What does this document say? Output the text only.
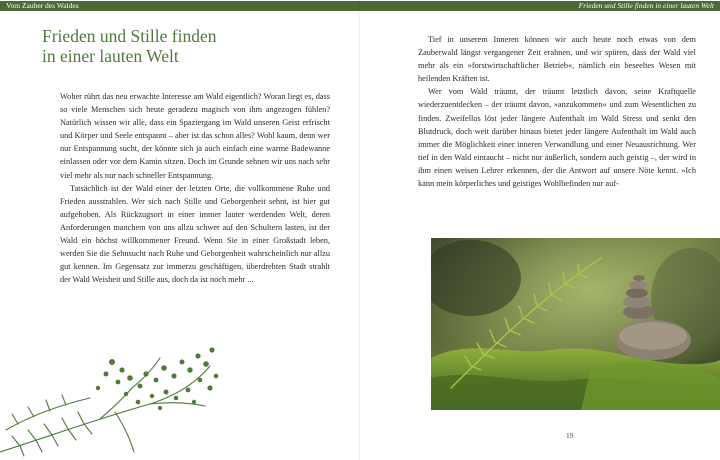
Vom Zauber des Waldes
Frieden und Stille finden
in einer lauten Welt

Woher rührt das neu erwachte Interesse am Wald eigentlich? Woran liegt es, dass so viele Menschen sich heute geradezu magisch von ihm angezogen fühlen? Natürlich wissen wir alle, dass ein Spaziergang im Wald unseren Geist erfrischt und Körper und Seele entspannt – aber ist das schon alles? Wohl kaum, denn wer nur Entspannung sucht, der könnte sich ja auch einfach eine warme Badewanne einlassen oder vor dem Kamin sitzen. Doch im Grunde sehnen wir uns nach sehr viel mehr als nur nach schneller Entspannung.

Tatsächlich ist der Wald einer der letzten Orte, die vollkommene Ruhe und Frieden ausstrahlen. Wer sich nach Stille und Geborgenheit sehnt, ist hier gut aufgehoben. Als Rückzugsort in einer immer lauter werdenden Welt, deren Anforderungen manchem von uns allzu schwer auf den Schultern lasten, ist der Wald ein höchst willkommener Freund. Wenn Sie in einer Großstadt leben, werden Sie die Sehnsucht nach Ruhe und Geborgenheit wahrscheinlich nur allzu gut kennen. Im Gegensatz zur immerzu geschäftigen, überdrehten Stadt strahlt der Wald Weisheit und Stille aus, doch da ist noch mehr ...

Frieden und Stille finden in einer lauten Welt

Tief in unserem Inneren können wir auch heute noch etwas von dem Zauberwald längst vergangener Zeit erahnen, und wir spüren, dass der Wald viel mehr als ein »forstwirtschaftlicher Betrieb«, nämlich ein beseeltes Wesen mit heilenden Kräften ist.

Wer vom Wald träumt, der träumt letztlich davon, seine Kraftquelle wiederzuentdecken – der träumt davon, »anzukommen« und zum Wesentlichen zu finden. Zweifellos löst jeder längere Aufenthalt im Wald Stress und senkt den Blutdruck, doch weit darüber hinaus bietet jeder längere Aufenthalt im Wald auch immer die Möglichkeit einer inneren Verwandlung und einer Neuausrichtung. Wer tief in den Wald eintaucht – nicht nur äußerlich, sondern auch geistig –, der wird in ihm einen weisen Lehrer erkennen, der die Antwort auf unsere Nöte kennt. »Ich kann mein körperliches und geistiges Wohlbefinden nur auf-

19
